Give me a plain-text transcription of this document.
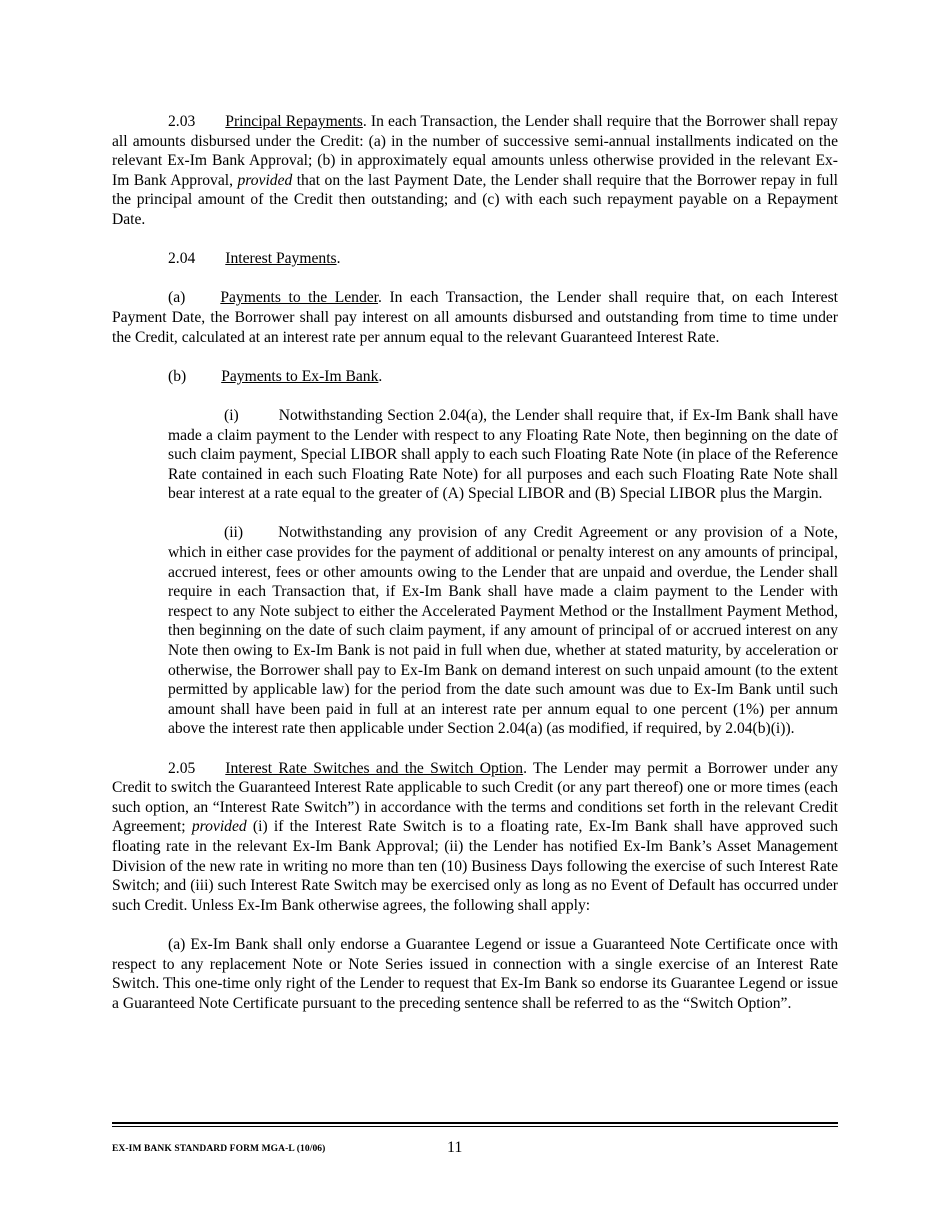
2.03 Principal Repayments. In each Transaction, the Lender shall require that the Borrower shall repay all amounts disbursed under the Credit: (a) in the number of successive semi-annual installments indicated on the relevant Ex-Im Bank Approval; (b) in approximately equal amounts unless otherwise provided in the relevant Ex-Im Bank Approval, provided that on the last Payment Date, the Lender shall require that the Borrower repay in full the principal amount of the Credit then outstanding; and (c) with each such repayment payable on a Repayment Date.

2.04 Interest Payments.

(a) Payments to the Lender. In each Transaction, the Lender shall require that, on each Interest Payment Date, the Borrower shall pay interest on all amounts disbursed and outstanding from time to time under the Credit, calculated at an interest rate per annum equal to the relevant Guaranteed Interest Rate.

(b) Payments to Ex-Im Bank.

(i)	Notwithstanding Section 2.04(a), the Lender shall require that, if Ex-Im Bank shall have made a claim payment to the Lender with respect to any Floating Rate Note, then beginning on the date of such claim payment, Special LIBOR shall apply to each such Floating Rate Note (in place of the Reference Rate contained in each such Floating Rate Note) for all purposes and each such Floating Rate Note shall bear interest at a rate equal to the greater of (A) Special LIBOR and (B) Special LIBOR plus the Margin.

(ii) Notwithstanding any provision of any Credit Agreement or any provision of a Note, which in either case provides for the payment of additional or penalty interest on any amounts of principal, accrued interest, fees or other amounts owing to the Lender that are unpaid and overdue, the Lender shall require in each Transaction that, if Ex-Im Bank shall have made a claim payment to the Lender with respect to any Note subject to either the Accelerated Payment Method or the Installment Payment Method, then beginning on the date of such claim payment, if any amount of principal of or accrued interest on any Note then owing to Ex-Im Bank is not paid in full when due, whether at stated maturity, by acceleration or otherwise, the Borrower shall pay to Ex-Im Bank on demand interest on such unpaid amount (to the extent permitted by applicable law) for the period from the date such amount was due to Ex-Im Bank until such amount shall have been paid in full at an interest rate per annum equal to one percent (1%) per annum above the interest rate then applicable under Section 2.04(a) (as modified, if required, by 2.04(b)(i)).

2.05 Interest Rate Switches and the Switch Option. The Lender may permit a Borrower under any Credit to switch the Guaranteed Interest Rate applicable to such Credit (or any part thereof) one or more times (each such option, an “Interest Rate Switch”) in accordance with the terms and conditions set forth in the relevant Credit Agreement; provided (i) if the Interest Rate Switch is to a floating rate, Ex-Im Bank shall have approved such floating rate in the relevant Ex-Im Bank Approval; (ii) the Lender has notified Ex-Im Bank’s Asset Management Division of the new rate in writing no more than ten (10) Business Days following the exercise of such Interest Rate Switch; and (iii) such Interest Rate Switch may be exercised only as long as no Event of Default has occurred under such Credit. Unless Ex-Im Bank otherwise agrees, the following shall apply:

(a) Ex-Im Bank shall only endorse a Guarantee Legend or issue a Guaranteed Note Certificate once with respect to any replacement Note or Note Series issued in connection with a single exercise of an Interest Rate Switch. This one-time only right of the Lender to request that Ex-Im Bank so endorse its Guarantee Legend or issue a Guaranteed Note Certificate pursuant to the preceding sentence shall be referred to as the “Switch Option”.

EX-IM BANK STANDARD FORM MGA-L (10/06)	11
